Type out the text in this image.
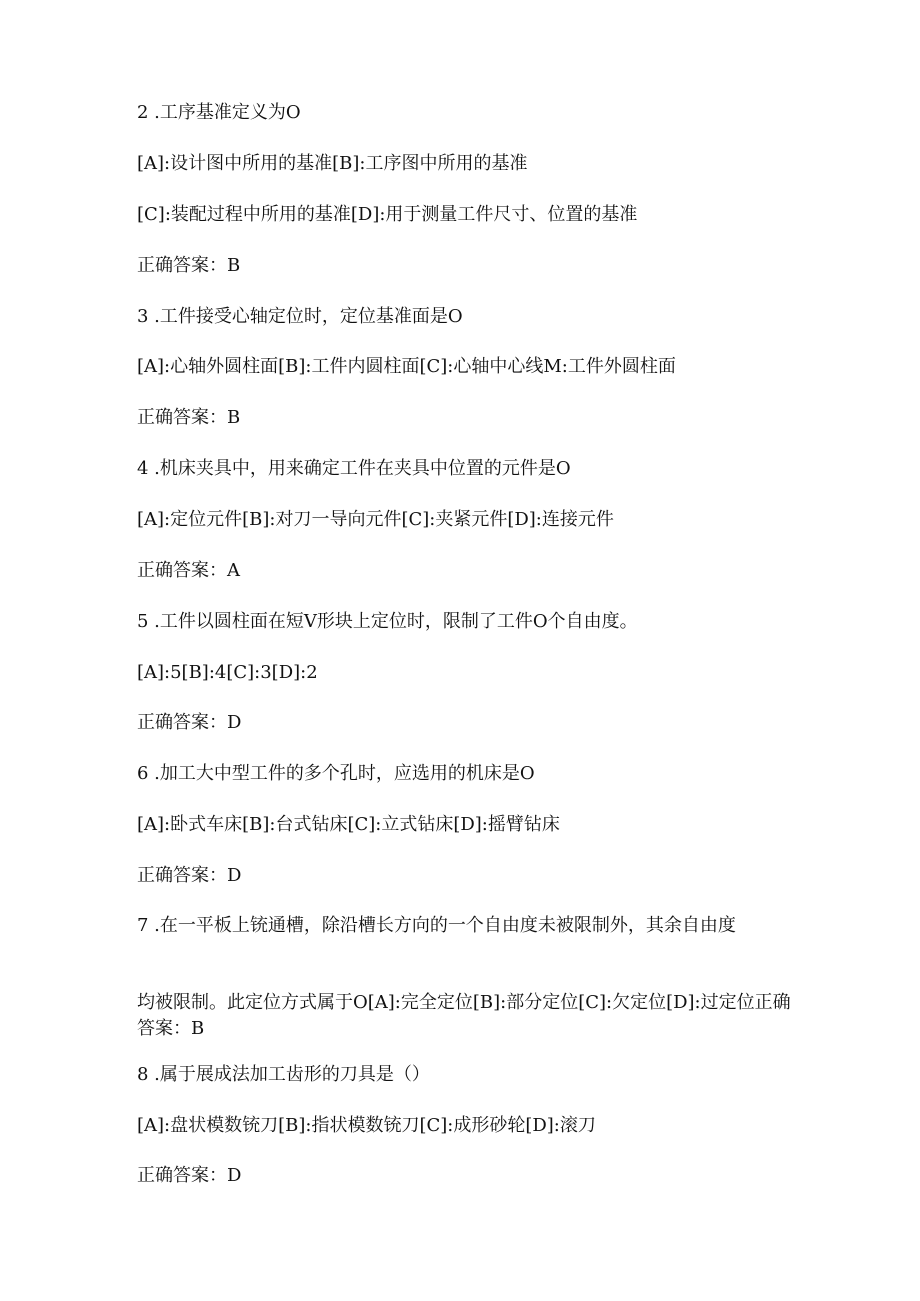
2 .工序基准定义为O
[A]:设计图中所用的基准[B]:工序图中所用的基准
[C]:装配过程中所用的基准[D]:用于测量工件尺寸、位置的基准
正确答案：B
3 .工件接受心轴定位时，定位基准面是O
[A]:心轴外圆柱面[B]:工件内圆柱面[C]:心轴中心线M:工件外圆柱面
正确答案：B
4 .机床夹具中，用来确定工件在夹具中位置的元件是O
[A]:定位元件[B]:对刀一导向元件[C]:夹紧元件[D]:连接元件
正确答案：A
5 .工件以圆柱面在短V形块上定位时，限制了工件O个自由度。
[A]:5[B]:4[C]:3[D]:2
正确答案：D
6 .加工大中型工件的多个孔时，应选用的机床是O
[A]:卧式车床[B]:台式钻床[C]:立式钻床[D]:摇臂钻床
正确答案：D
7 .在一平板上铳通槽，除沿槽长方向的一个自由度未被限制外，其余自由度
均被限制。此定位方式属于O[A]:完全定位[B]:部分定位[C]:欠定位[D]:过定位正确答案：B
8 .属于展成法加工齿形的刀具是（）
[A]:盘状模数铳刀[B]:指状模数铳刀[C]:成形砂轮[D]:滚刀
正确答案：D
